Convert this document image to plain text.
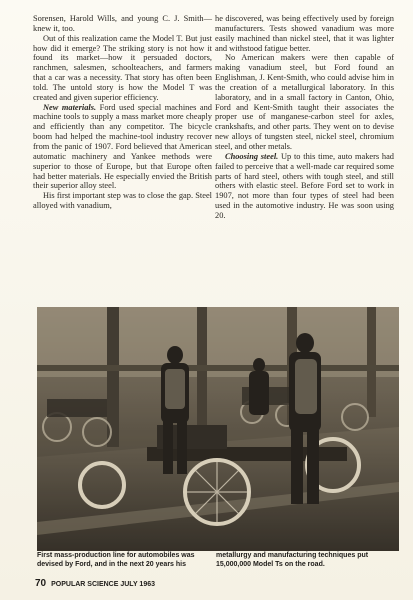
Sorensen, Harold Wills, and young C. J. Smith—knew it, too.

Out of this realization came the Model T. But just how did it emerge? The striking story is not how it found its market—how it persuaded doctors, ranchmen, salesmen, schoolteachers, and farmers that a car was a necessity. That story has often been told. The untold story is how the Model T was created and given superior efficiency.

New materials. Ford used special machines and machine tools to supply a mass market more cheaply and efficiently than any competitor. The bicycle boom had helped the machine-tool industry recover from the panic of 1907. Ford believed that American automatic machinery and Yankee methods were superior to those of Europe, but that Europe often had better materials. He especially envied the British their superior alloy steel.

His first important step was to close the gap. Steel alloyed with vanadium,

he discovered, was being effectively used by foreign manufacturers. Tests showed vanadium was more easily machined than nickel steel, that it was lighter and withstood fatigue better.

No American makers were then capable of making vanadium steel, but Ford found an Englishman, J. Kent-Smith, who could advise him in the creation of a metallurgical laboratory. In this laboratory, and in a small factory in Canton, Ohio, Ford and Kent-Smith taught their associates the proper use of manganese-carbon steel for axles, crankshafts, and other parts. They went on to devise new alloys of tungsten steel, nickel steel, chromium steel, and other metals.

Choosing steel. Up to this time, auto makers had failed to perceive that a well-made car required some parts of hard steel, others with tough steel, and still others with elastic steel. Before Ford set to work in 1907, not more than four types of steel had been used in the automotive industry. He was soon using 20.

First mass-production line for automobiles was devised by Ford, and in the next 20 years his
metallurgy and manufacturing techniques put 15,000,000 Model Ts on the road.
70 POPULAR SCIENCE JULY 1963
